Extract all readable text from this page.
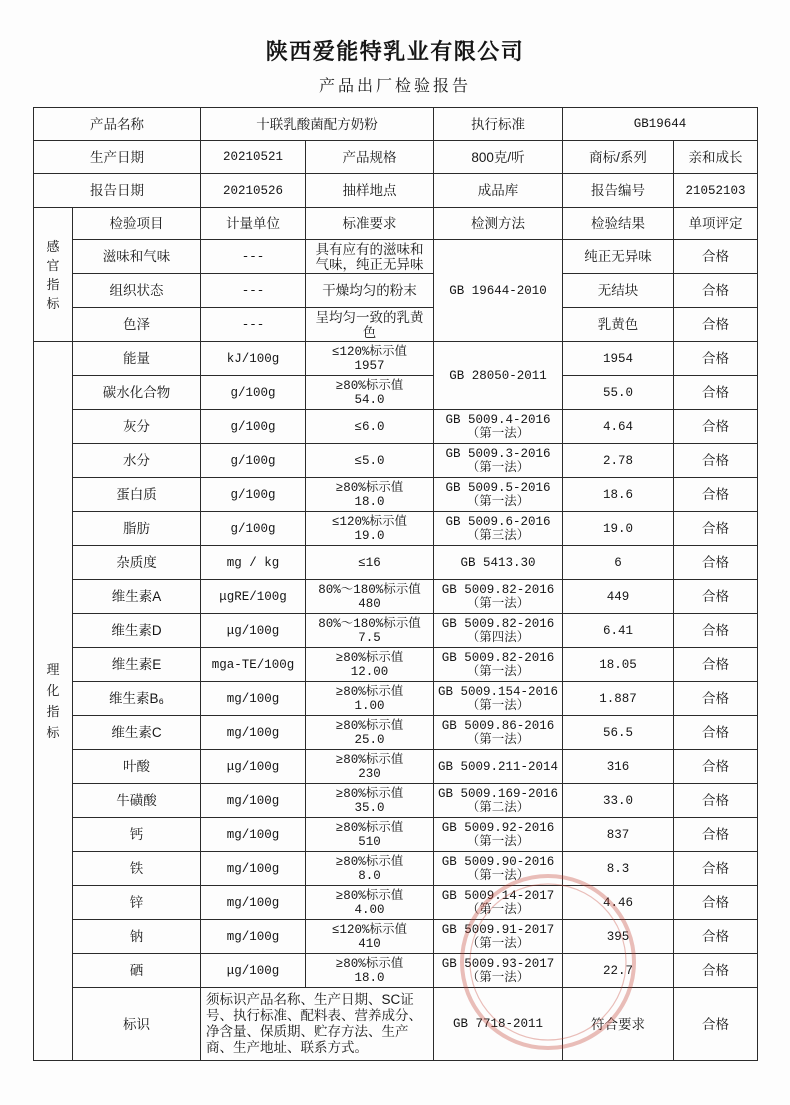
陕西爱能特乳业有限公司
产品出厂检验报告
产品名称		十联乳酸菌配方奶粉		执行标准	GB19644	
生产日期		20210521	产品规格	800克/听	商标/系列	亲和成长
报告日期		20210526	抽样地点	成品库	报告编号	21052103

感官指标	检验项目	计量单位	标准要求	检测方法	检验结果	单项评定
	滋味和气味	---	具有应有的滋味和气味，纯正无异味	GB 19644-2010	纯正无异味	合格
	组织状态	---	干燥均匀的粉末		无结块	合格
	色泽	---	呈均匀一致的乳黄色		乳黄色	合格

理化指标	能量	kJ/100g	≤120%标示值
1957	GB 28050-2011	1954	合格
	碳水化合物	g/100g	≥80%标示值
54.0		55.0	合格
	灰分	g/100g	≤6.0	GB 5009.4-2016
（第一法）	4.64	合格
	水分	g/100g	≤5.0	GB 5009.3-2016
（第一法）	2.78	合格
	蛋白质	g/100g	≥80%标示值
18.0	GB 5009.5-2016
（第一法）	18.6	合格
	脂肪	g/100g	≤120%标示值
19.0	GB 5009.6-2016
（第三法）	19.0	合格
	杂质度	mg / kg	≤16	GB 5413.30	6	合格
	维生素A	μgRE/100g	80%～180%标示值
480	GB 5009.82-2016
（第一法）	449	合格
	维生素D	μg/100g	80%～180%标示值
7.5	GB 5009.82-2016
（第四法）	6.41	合格
	维生素E	mga-TE/100g	≥80%标示值
12.00	GB 5009.82-2016
（第一法）	18.05	合格
	维生素B₆	mg/100g	≥80%标示值
1.00	GB 5009.154-2016
（第一法）	1.887	合格
	维生素C	mg/100g	≥80%标示值
25.0	GB 5009.86-2016
（第一法）	56.5	合格
	叶酸	μg/100g	≥80%标示值
230	GB 5009.211-2014	316	合格
	牛磺酸	mg/100g	≥80%标示值
35.0	GB 5009.169-2016
（第二法）	33.0	合格
	钙	mg/100g	≥80%标示值
510	GB 5009.92-2016
（第一法）	837	合格
	铁	mg/100g	≥80%标示值
8.0	GB 5009.90-2016
（第一法）	8.3	合格
	锌	mg/100g	≥80%标示值
4.00	GB 5009.14-2017
（第一法）	4.46	合格
	钠	mg/100g	≤120%标示值
410	GB 5009.91-2017
（第一法）	395	合格
	硒	μg/100g	≥80%标示值
18.0	GB 5009.93-2017
（第一法）	22.7	合格
	标识	须标识产品名称、生产日期、SC证号、执行标准、配料表、营养成分、净含量、保质期、贮存方法、生产商、生产地址、联系方式。		GB 7718-2011	符合要求	合格
